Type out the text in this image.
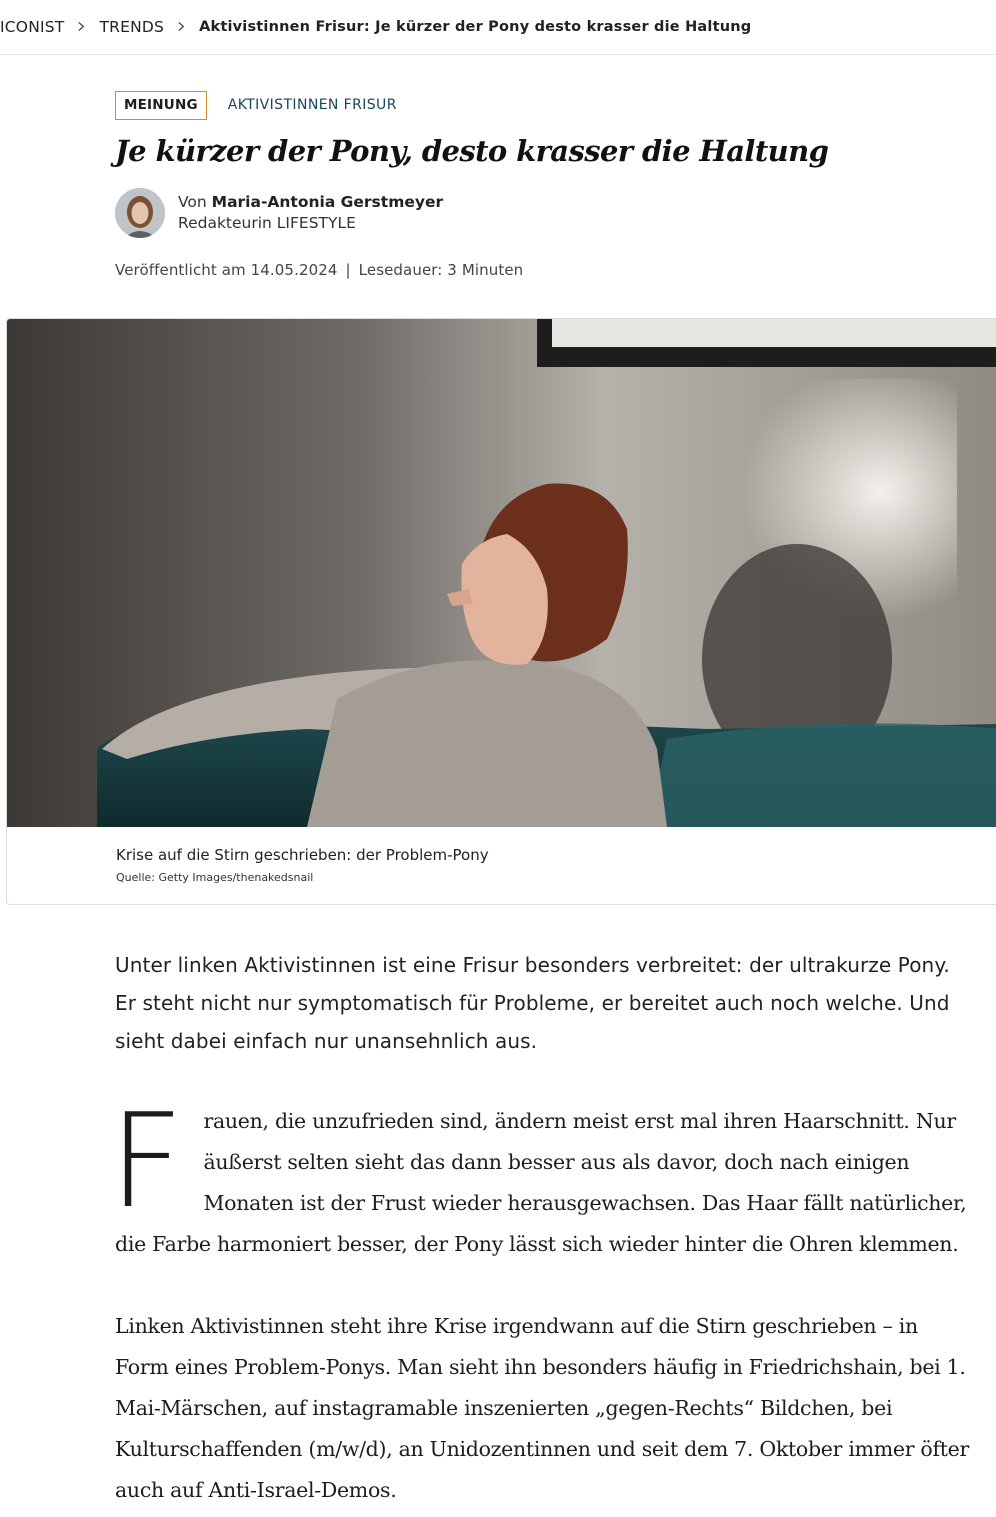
ICONIST TRENDS Aktivistinnen Frisur: Je kürzer der Pony desto krasser die Haltung
MEINUNG	AKTIVISTINNEN FRISUR
Je kürzer der Pony, desto krasser die Haltung
Von Maria-Antonia Gerstmeyer
Redakteurin LIFESTYLE
Veröffentlicht am 14.05.2024 | Lesedauer: 3 Minuten
Krise auf die Stirn geschrieben: der Problem-Pony
Quelle: Getty Images/thenakedsnail

Unter linken Aktivistinnen ist eine Frisur besonders verbreitet: der ultrakurze Pony. Er steht nicht nur symptomatisch für Probleme, er bereitet auch noch welche. Und sieht dabei einfach nur unansehnlich aus.

Frauen, die unzufrieden sind, ändern meist erst mal ihren Haarschnitt. Nur äußerst selten sieht das dann besser aus als davor, doch nach einigen Monaten ist der Frust wieder herausgewachsen. Das Haar fällt natürlicher, die Farbe harmoniert besser, der Pony lässt sich wieder hinter die Ohren klemmen.

Linken Aktivistinnen steht ihre Krise irgendwann auf die Stirn geschrieben – in Form eines Problem-Ponys. Man sieht ihn besonders häufig in Friedrichshain, bei 1. Mai-Märschen, auf instagramable inszenierten „gegen-Rechts“ Bildchen, bei Kulturschaffenden (m/w/d), an Unidozentinnen und seit dem 7. Oktober immer öfter auch auf Anti-Israel-Demos.
